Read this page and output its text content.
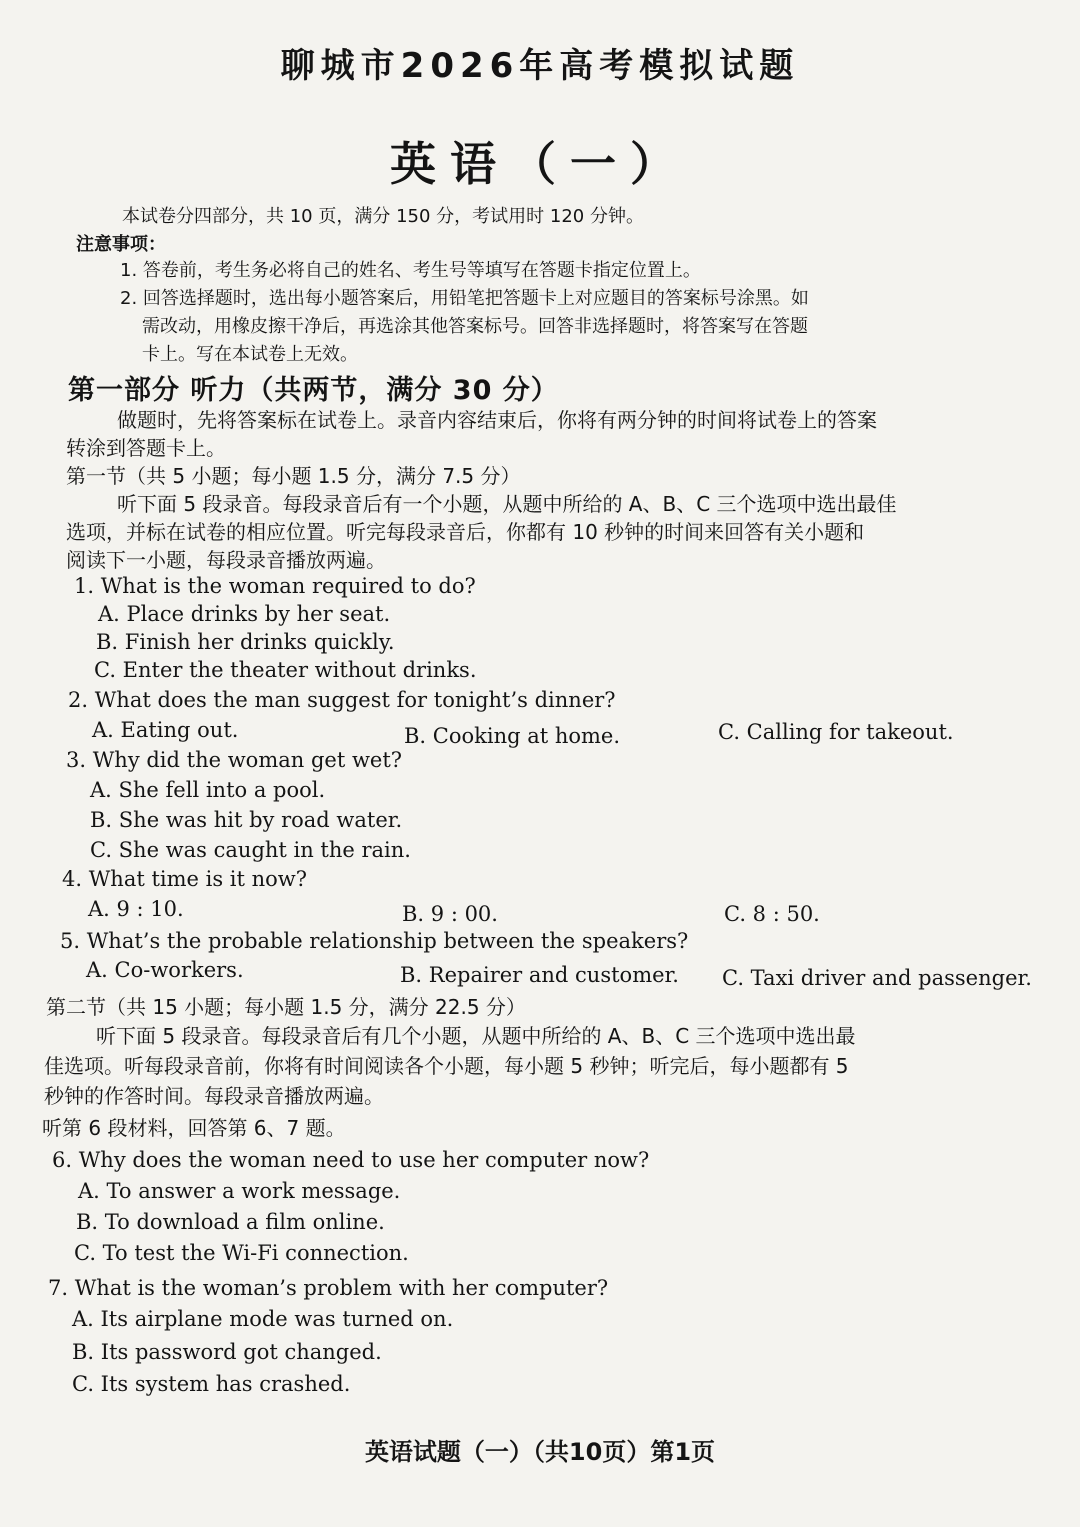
聊城市2026年高考模拟试题
英语（一）
本试卷分四部分，共 10 页，满分 150 分，考试用时 120 分钟。
注意事项：
1. 答卷前，考生务必将自己的姓名、考生号等填写在答题卡指定位置上。
2. 回答选择题时，选出每小题答案后，用铅笔把答题卡上对应题目的答案标号涂黑。如
需改动，用橡皮擦干净后，再选涂其他答案标号。回答非选择题时，将答案写在答题
卡上。写在本试卷上无效。
第一部分 听力（共两节，满分 30 分）
做题时，先将答案标在试卷上。录音内容结束后，你将有两分钟的时间将试卷上的答案
转涂到答题卡上。
第一节（共 5 小题；每小题 1.5 分，满分 7.5 分）
听下面 5 段录音。每段录音后有一个小题，从题中所给的 A、B、C 三个选项中选出最佳
选项，并标在试卷的相应位置。听完每段录音后，你都有 10 秒钟的时间来回答有关小题和
阅读下一小题，每段录音播放两遍。
1. What is the woman required to do?
A. Place drinks by her seat.
B. Finish her drinks quickly.
C. Enter the theater without drinks.
2. What does the man suggest for tonight’s dinner?
A. Eating out.	B. Cooking at home.	C. Calling for takeout.
3. Why did the woman get wet?
A. She fell into a pool.
B. She was hit by road water.
C. She was caught in the rain.
4. What time is it now?
A. 9 : 10.	B. 9 : 00.	C. 8 : 50.
5. What’s the probable relationship between the speakers?
A. Co-workers.	B. Repairer and customer. C. Taxi driver and passenger.
第二节（共 15 小题；每小题 1.5 分，满分 22.5 分）
听下面 5 段录音。每段录音后有几个小题，从题中所给的 A、B、C 三个选项中选出最
佳选项。听每段录音前，你将有时间阅读各个小题，每小题 5 秒钟；听完后，每小题都有 5
秒钟的作答时间。每段录音播放两遍。
听第 6 段材料，回答第 6、7 题。
6. Why does the woman need to use her computer now?
A. To answer a work message.
B. To download a film online.
C. To test the Wi-Fi connection.
7. What is the woman’s problem with her computer?
A. Its airplane mode was turned on.
B. Its password got changed.
C. Its system has crashed.
英语试题（一）（共10页）第1页
